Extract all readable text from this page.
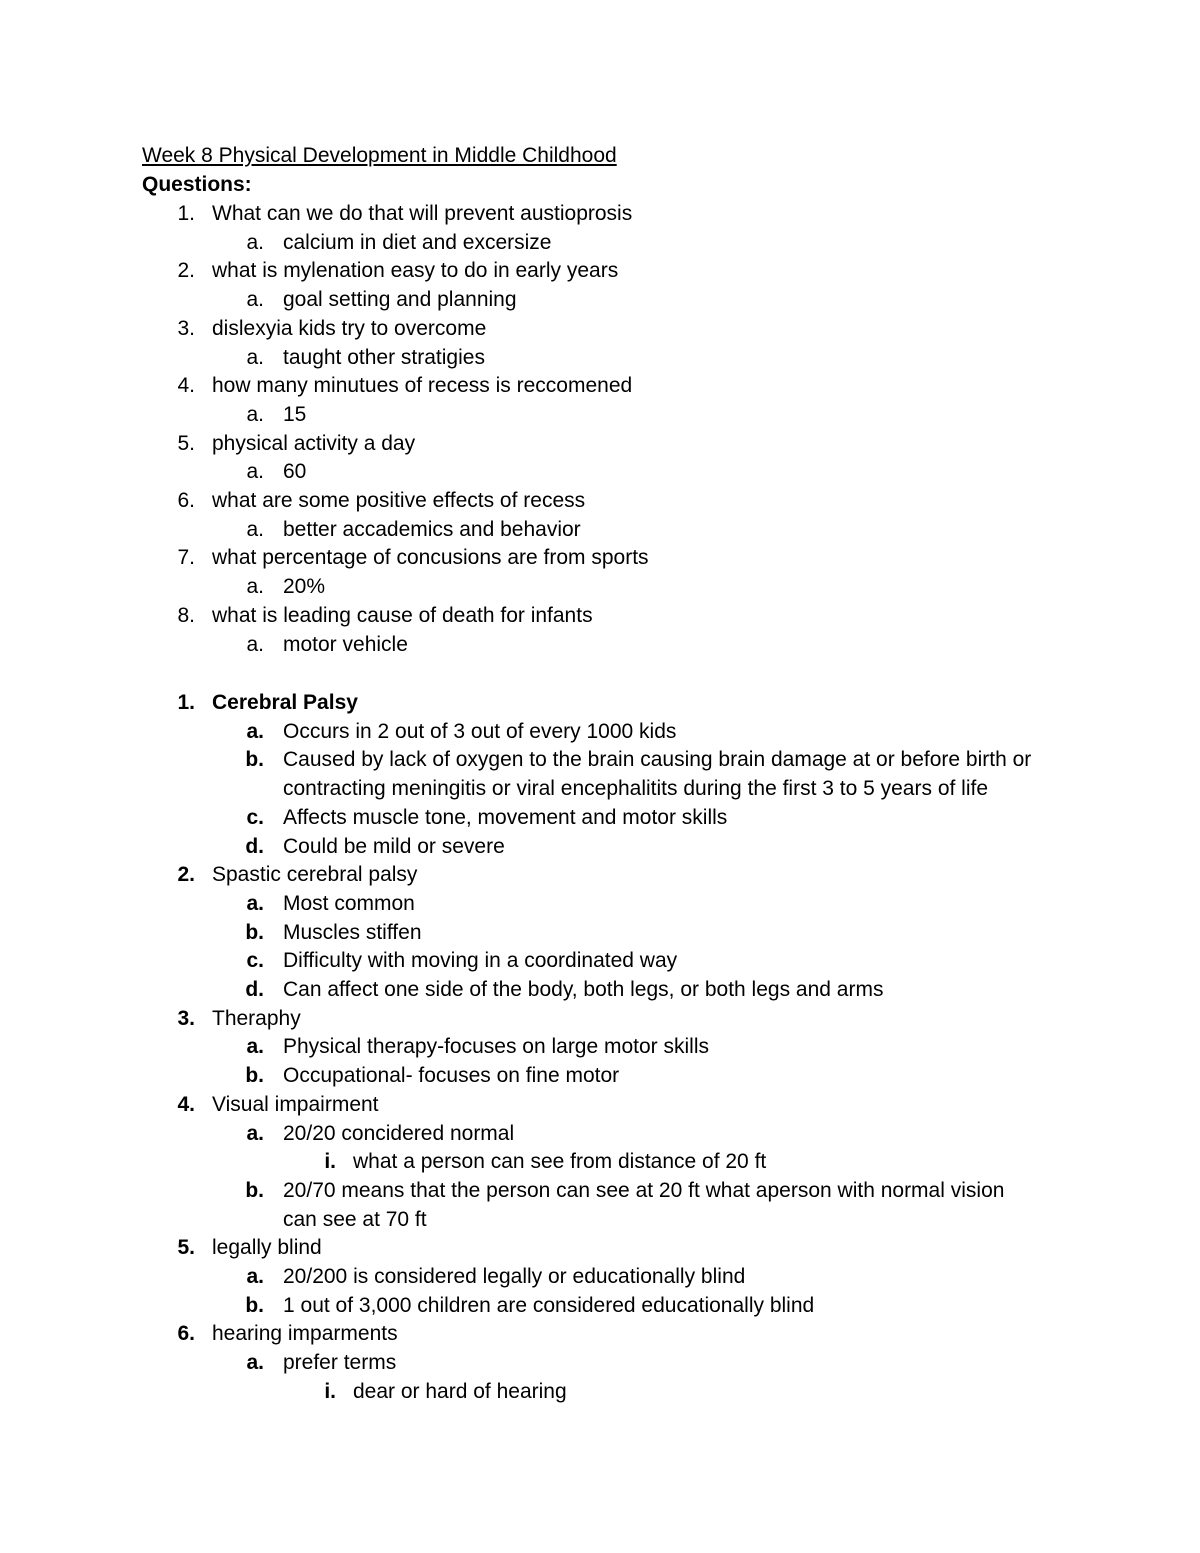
Week 8 Physical Development in Middle Childhood
Questions:
1. What can we do that will prevent austioprosis
a. calcium in diet and excersize
2. what is mylenation easy to do in early years
a. goal setting and planning
3. dislexyia kids try to overcome
a. taught other stratigies
4. how many minutues of recess is reccomened
a. 15
5. physical activity a day
a. 60
6. what are some positive effects of recess
a. better accademics and behavior
7. what percentage of concusions are from sports
a. 20%
8. what is leading cause of death for infants
a. motor vehicle
1. Cerebral Palsy
a. Occurs in 2 out of 3 out of every 1000 kids
b. Caused by lack of oxygen to the brain causing brain damage at or before birth or
contracting meningitis or viral encephalitits during the first 3 to 5 years of life
c. Affects muscle tone, movement and motor skills
d. Could be mild or severe
2. Spastic cerebral palsy
a. Most common
b. Muscles stiffen
c. Difficulty with moving in a coordinated way
d. Can affect one side of the body, both legs, or both legs and arms
3. Theraphy
a. Physical therapy-focuses on large motor skills
b. Occupational- focuses on fine motor
4. Visual impairment
a. 20/20 concidered normal
i. what a person can see from distance of 20 ft
b. 20/70 means that the person can see at 20 ft what aperson with normal vision
can see at 70 ft
5. legally blind
a. 20/200 is considered legally or educationally blind
b. 1 out of 3,000 children are considered educationally blind
6. hearing imparments
a. prefer terms
i. dear or hard of hearing
